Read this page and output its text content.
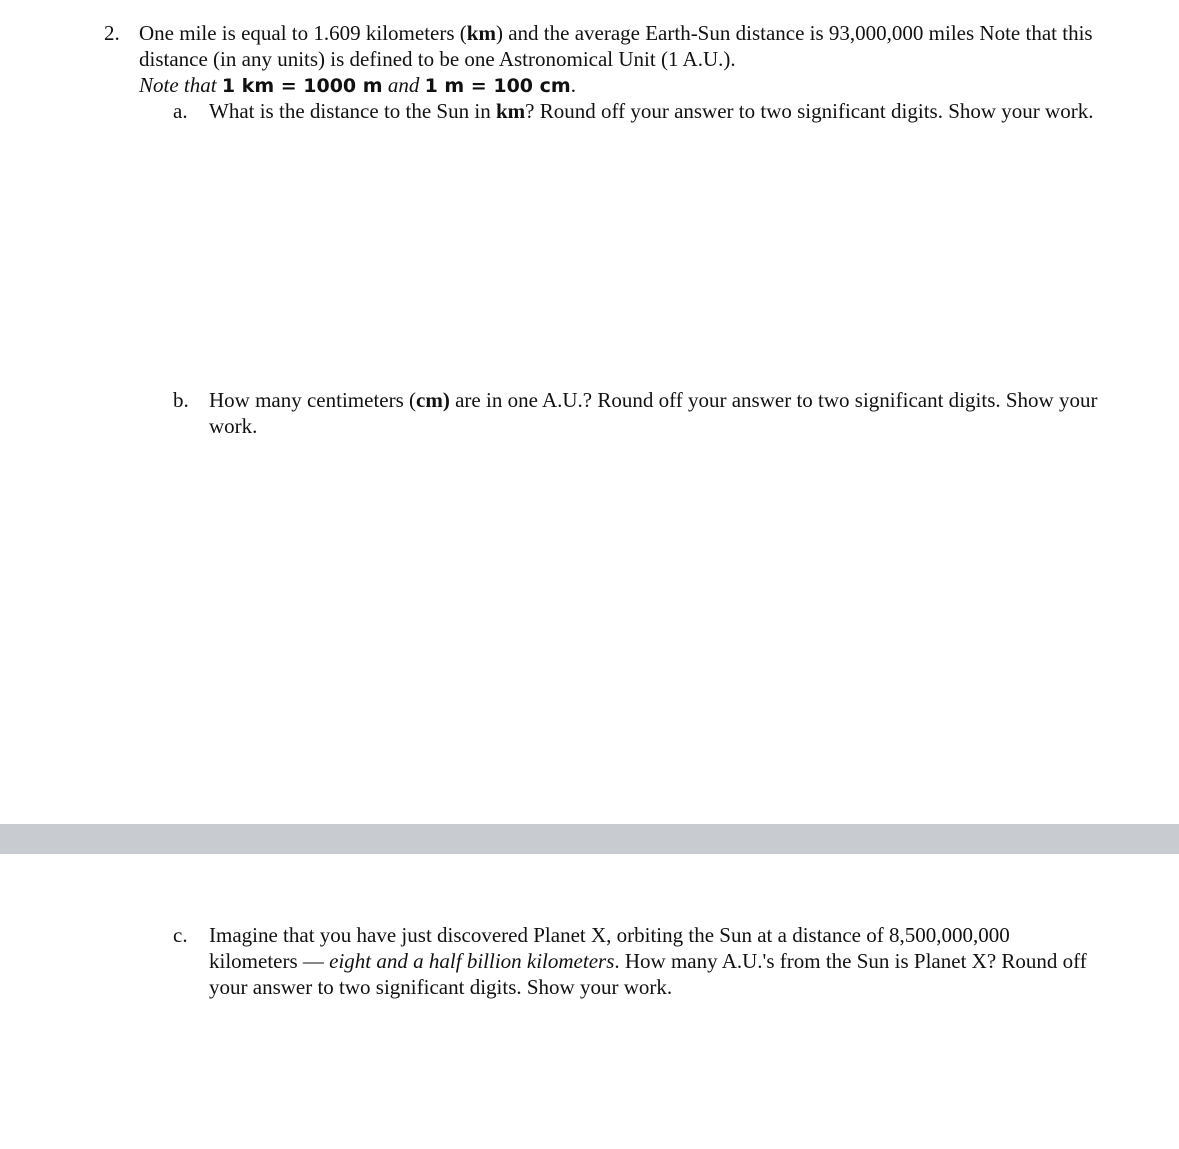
2. One mile is equal to 1.609 kilometers (km) and the average Earth-Sun distance is 93,000,000 miles Note that this
distance (in any units) is defined to be one Astronomical Unit (1 A.U.).
Note that 1 km = 1000 m and 1 m = 100 cm.
a. What is the distance to the Sun in km? Round off your answer to two significant digits. Show your work.
b. How many centimeters (cm) are in one A.U.? Round off your answer to two significant digits. Show your
work.
c. Imagine that you have just discovered Planet X, orbiting the Sun at a distance of 8,500,000,000
kilometers — eight and a half billion kilometers. How many A.U.'s from the Sun is Planet X? Round off
your answer to two significant digits. Show your work.
